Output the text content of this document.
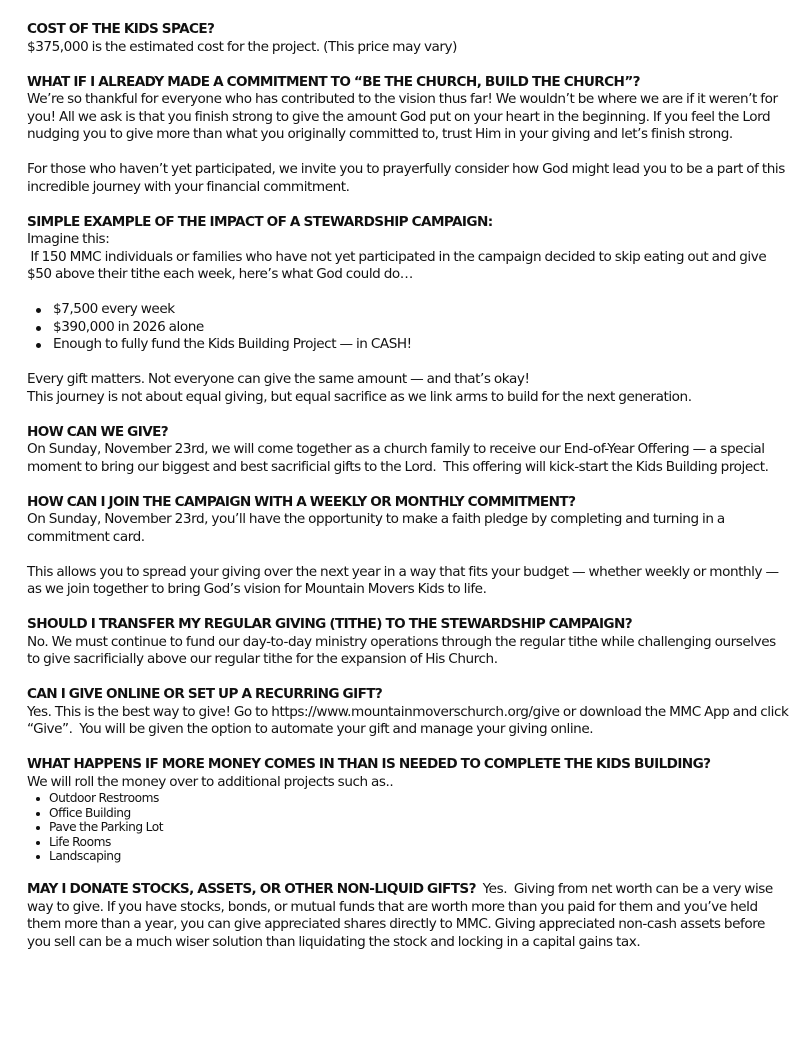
COST OF THE KIDS SPACE?

$375,000 is the estimated cost for the project. (This price may vary)

WHAT IF I ALREADY MADE A COMMITMENT TO “BE THE CHURCH, BUILD THE CHURCH”?

We’re so thankful for everyone who has contributed to the vision thus far! We wouldn’t be where we are if it weren’t for you! All we ask is that you finish strong to give the amount God put on your heart in the beginning. If you feel the Lord nudging you to give more than what you originally committed to, trust Him in your giving and let’s finish strong.

For those who haven’t yet participated, we invite you to prayerfully consider how God might lead you to be a part of this incredible journey with your financial commitment.

SIMPLE EXAMPLE OF THE IMPACT OF A STEWARDSHIP CAMPAIGN:

Imagine this:

If 150 MMC individuals or families who have not yet participated in the campaign decided to skip eating out and give $50 above their tithe each week, here’s what God could do…

$7,500 every week
$390,000 in 2026 alone
Enough to fully fund the Kids Building Project — in CASH!

Every gift matters. Not everyone can give the same amount — and that’s okay!

This journey is not about equal giving, but equal sacrifice as we link arms to build for the next generation.

HOW CAN WE GIVE?

On Sunday, November 23rd, we will come together as a church family to receive our End-of-Year Offering — a special moment to bring our biggest and best sacrificial gifts to the Lord.  This offering will kick-start the Kids Building project.

HOW CAN I JOIN THE CAMPAIGN WITH A WEEKLY OR MONTHLY COMMITMENT?

On Sunday, November 23rd, you’ll have the opportunity to make a faith pledge by completing and turning in a commitment card.

This allows you to spread your giving over the next year in a way that fits your budget — whether weekly or monthly — as we join together to bring God’s vision for Mountain Movers Kids to life.

SHOULD I TRANSFER MY REGULAR GIVING (TITHE) TO THE STEWARDSHIP CAMPAIGN?

No. We must continue to fund our day-to-day ministry operations through the regular tithe while challenging ourselves to give sacrificially above our regular tithe for the expansion of His Church.

CAN I GIVE ONLINE OR SET UP A RECURRING GIFT?

Yes. This is the best way to give! Go to https://www.mountainmoverschurch.org/give or download the MMC App and click “Give”.  You will be given the option to automate your gift and manage your giving online.

WHAT HAPPENS IF MORE MONEY COMES IN THAN IS NEEDED TO COMPLETE THE KIDS BUILDING?

We will roll the money over to additional projects such as..

Outdoor Restrooms
Office Building
Pave the Parking Lot
Life Rooms
Landscaping

MAY I DONATE STOCKS, ASSETS, OR OTHER NON-LIQUID GIFTS?  Yes.  Giving from net worth can be a very wise way to give. If you have stocks, bonds, or mutual funds that are worth more than you paid for them and you’ve held them more than a year, you can give appreciated shares directly to MMC. Giving appreciated non-cash assets before you sell can be a much wiser solution than liquidating the stock and locking in a capital gains tax.
